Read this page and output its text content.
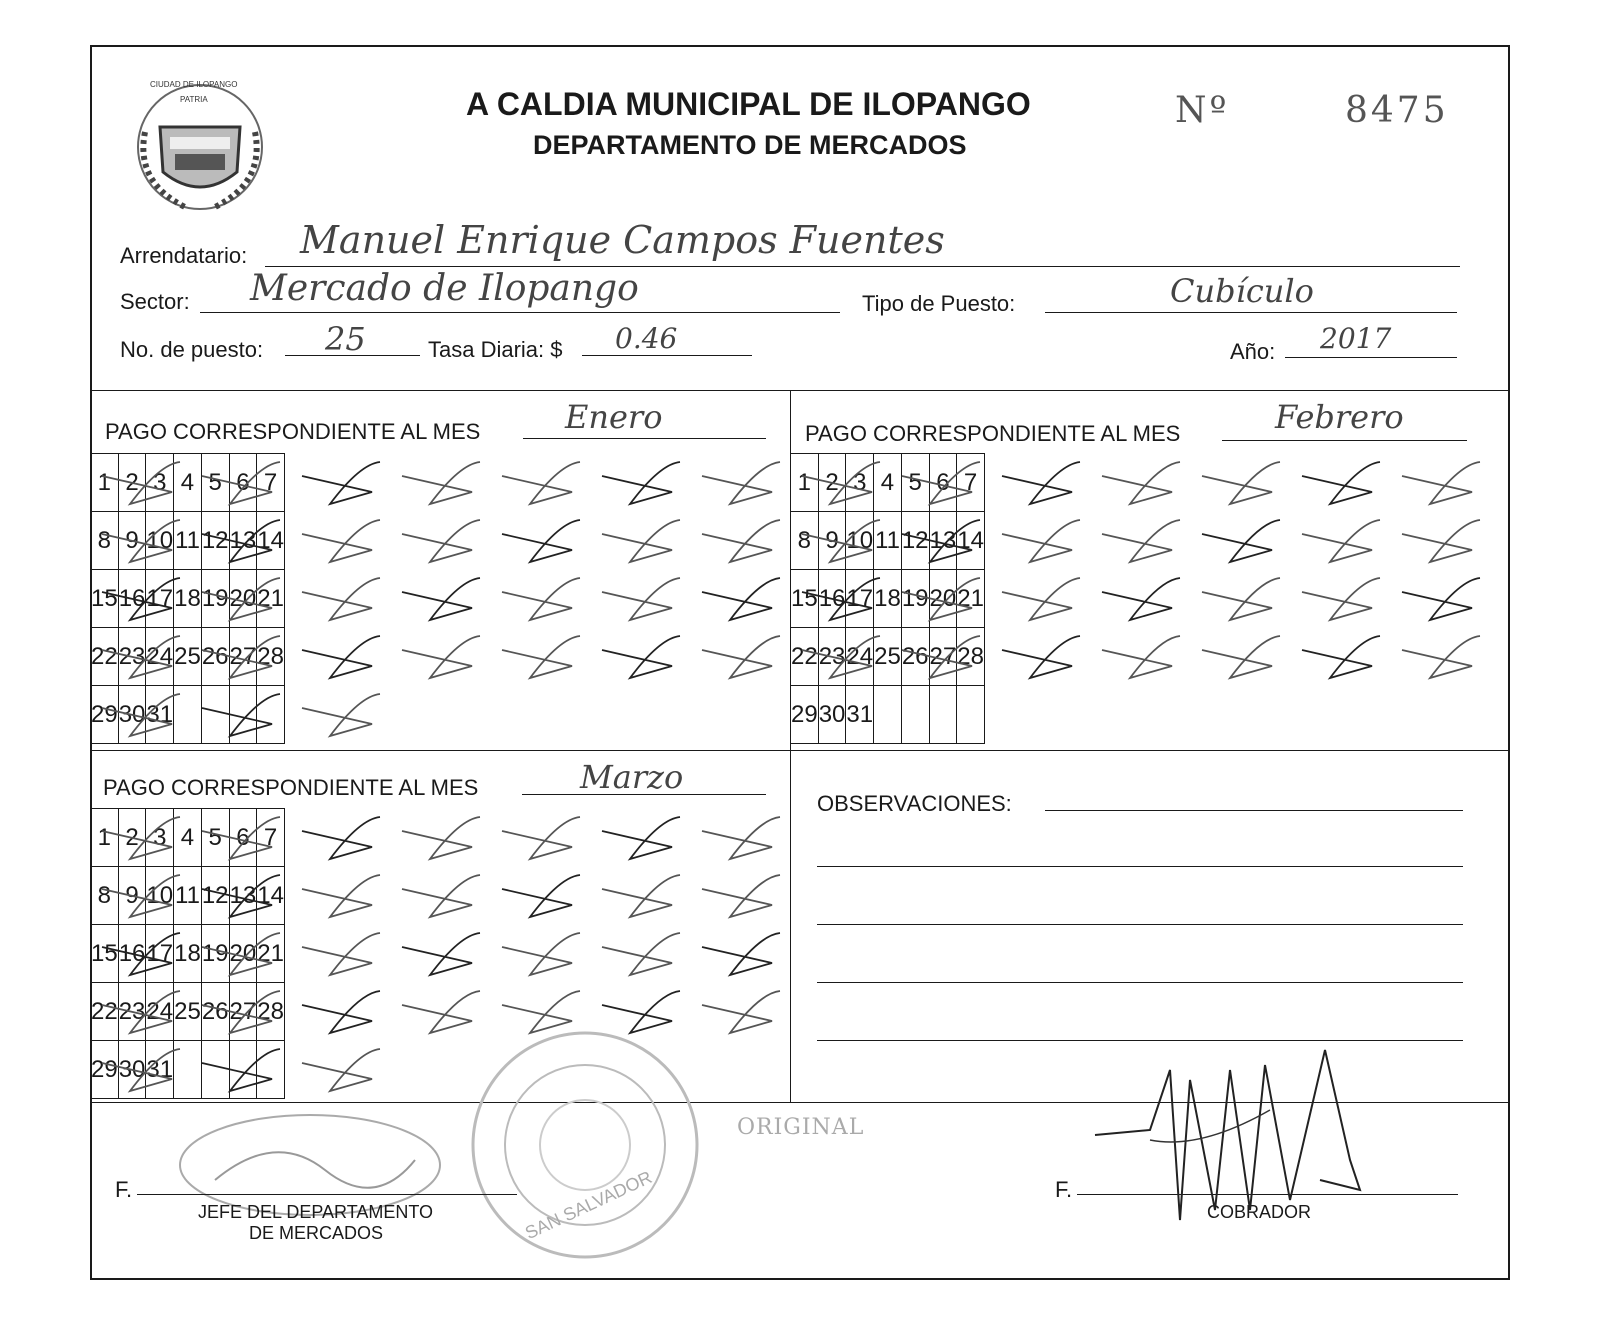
CIUDAD DE ILOPANGO
PATRIA	A CALDIA MUNICIPAL DE ILOPANGO
DEPARTAMENTO DE MERCADOS
Nº	8475
Arrendatario: Manuel Enrique Campos Fuentes
Sector: Mercado de Ilopango	Tipo de Puesto:	Cubículo
No. de puesto: 25	Tasa Diaria: $ 0.46	Año: 2017
PAGO CORRESPONDIENTE AL MES	Enero
1	2	3	4	5	6	7
8	9	10	11	12	13	14
15	16	17	18	19	20	21
22	23	24	25	26	27	28
29	30	31				
PAGO CORRESPONDIENTE AL MES	Febrero
1	2	3	4	5	6	7
8	9	10	11	12	13	14
15	16	17	18	19	20	21
22	23	24	25	26	27	28
29	30	31				
PAGO CORRESPONDIENTE AL MES	Marzo
1	2	3	4	5	6	7
8	9	10	11	12	13	14
15	16	17	18	19	20	21
22	23	24	25	26	27	28
29	30	31				
OBSERVACIONES:
SAN SALVADOR
F.
JEFE DEL DEPARTAMENTO
DE MERCADOS
ORIGINAL
F.
COBRADOR
